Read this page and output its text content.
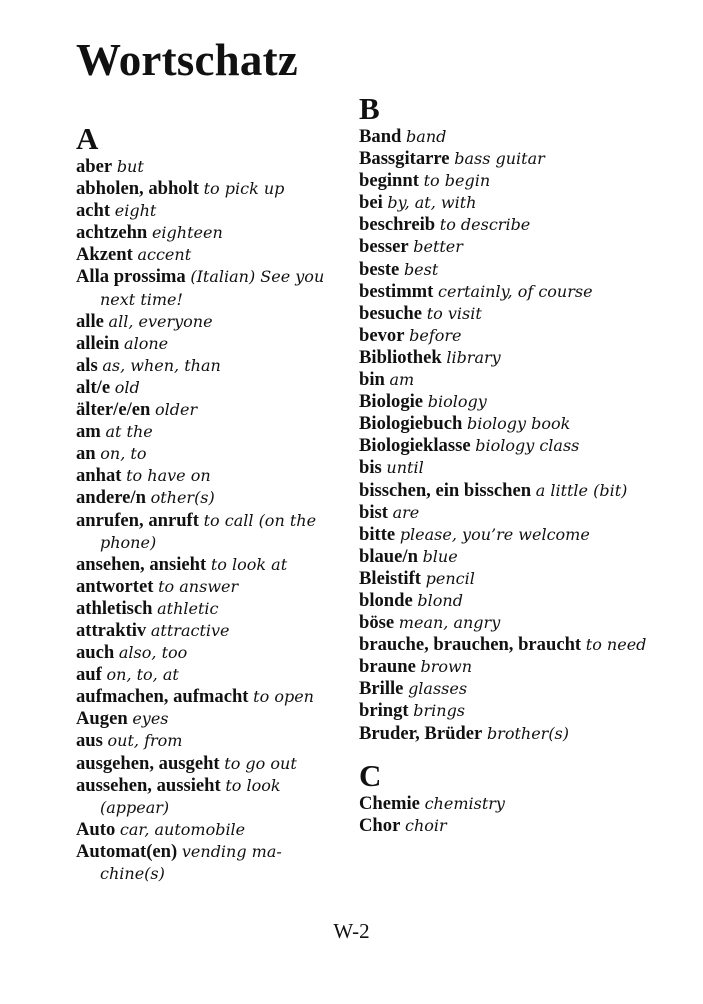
Wortschatz
A

aber but

abholen, abholt to pick up

acht eight

achtzehn eighteen

Akzent accent

Alla prossima (Italian) See you next time!

alle all, everyone

allein alone

als as, when, than

alt/e old

älter/e/en older

am at the

an on, to

anhat to have on

andere/n other(s)

anrufen, anruft to call (on the phone)

ansehen, ansieht to look at

antwortet to answer

athletisch athletic

attraktiv attractive

auch also, too

auf on, to, at

aufmachen, aufmacht to open

Augen eyes

aus out, from

ausgehen, ausgeht to go out

aussehen, aussieht to look (appear)

Auto car, automobile

Automat(en) vending ma-chine(s)

B

Band band

Bassgitarre bass guitar

beginnt to begin

bei by, at, with

beschreib to describe

besser better

beste best

bestimmt certainly, of course

besuche to visit

bevor before

Bibliothek library

bin am

Biologie biology

Biologiebuch biology book

Biologieklasse biology class

bis until

bisschen, ein bisschen a little (bit)

bist are

bitte please, you’re welcome

blaue/n blue

Bleistift pencil

blonde blond

böse mean, angry

brauche, brauchen, braucht to need

braune brown

Brille glasses

bringt brings

Bruder, Brüder brother(s)

C

Chemie chemistry

Chor choir

W-2
